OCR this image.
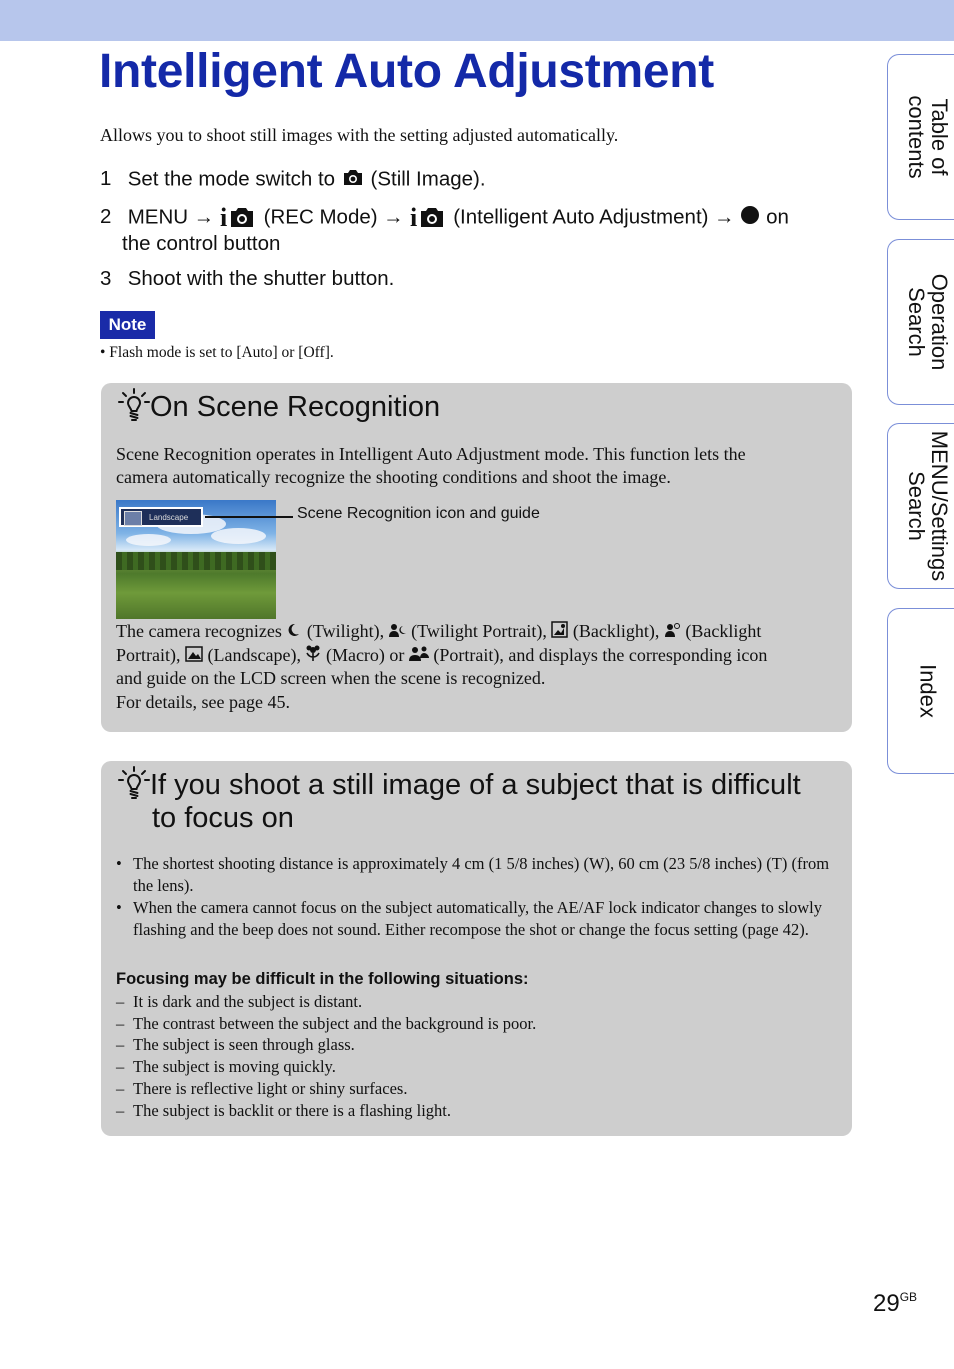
Intelligent Auto Adjustment
Allows you to shoot still images with the setting adjusted automatically.
1 Set the mode switch to (Still Image).
2 MENU → i (REC Mode) → i (Intelligent Auto Adjustment) → on
the control button
3 Shoot with the shutter button.
Note
• Flash mode is set to [Auto] or [Off].
On Scene Recognition
Scene Recognition operates in Intelligent Auto Adjustment mode. This function lets the
camera automatically recognize the shooting conditions and shoot the image.
Landscape	Scene Recognition icon and guide
The camera recognizes (Twilight), (Twilight Portrait), (Backlight), (Backlight
Portrait), (Landscape), (Macro) or (Portrait), and displays the corresponding icon
and guide on the LCD screen when the scene is recognized.
For details, see page 45.
If you shoot a still image of a subject that is difficult
to focus on
• The shortest shooting distance is approximately 4 cm (1 5/8 inches) (W), 60 cm (23 5/8 inches) (T) (from the lens).
• When the camera cannot focus on the subject automatically, the AE/AF lock indicator changes to slowly flashing and the beep does not sound. Either recompose the shot or change the focus setting (page 42).
Focusing may be difficult in the following situations:
– It is dark and the subject is distant.
– The contrast between the subject and the background is poor.
– The subject is seen through glass.
– The subject is moving quickly.
– There is reflective light or shiny surfaces.
– The subject is backlit or there is a flashing light.
Table of
contents
Operation
Search
MENU/Settings
Search
Index
$29^{GB}$
